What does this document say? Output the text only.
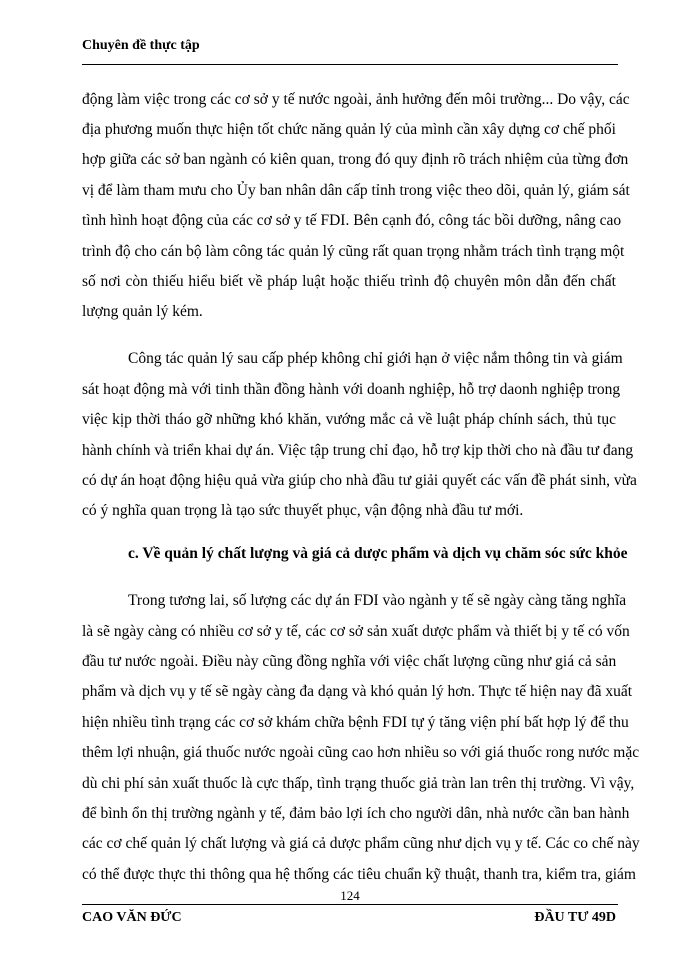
Chuyên đề thực tập
động làm việc trong các cơ sở y tế nước ngoài, ảnh hưởng đến môi trường... Do vậy, các
địa phương muốn thực hiện tốt chức năng quản lý của mình cần xây dựng cơ chế phối
hợp giữa các sở ban ngành có kiên quan, trong đó quy định rõ trách nhiệm của từng đơn
vị để làm tham mưu cho Ủy ban nhân dân cấp tỉnh trong việc theo dõi, quản lý, giám sát
tình hình hoạt động của các cơ sở y tế FDI. Bên cạnh đó, công tác bồi dưỡng, nâng cao
trình độ cho cán bộ làm công tác quản lý cũng rất quan trọng nhằm trách tình trạng một
số nơi còn thiếu hiểu biết về pháp luật hoặc thiếu trình độ chuyên môn dẫn đến chất
lượng quản lý kém.
Công tác quản lý sau cấp phép không chỉ giới hạn ở việc nắm thông tin và giám
sát hoạt động mà với tinh thần đồng hành với doanh nghiệp, hỗ trợ daonh nghiệp trong
việc kịp thời tháo gỡ những khó khăn, vướng mắc cả về luật pháp chính sách, thủ tục
hành chính và triển khai dự án. Việc tập trung chỉ đạo, hỗ trợ kịp thời cho nà đầu tư đang
có dự án hoạt động hiệu quả vừa giúp cho nhà đầu tư giải quyết các vấn đề phát sinh, vừa
có ý nghĩa quan trọng là tạo sức thuyết phục, vận động nhà đầu tư mới.
c. Về quản lý chất lượng và giá cả dược phẩm và dịch vụ chăm sóc sức khỏe
Trong tương lai, số lượng các dự án FDI vào ngành y tế sẽ ngày càng tăng nghĩa
là sẽ ngày càng có nhiều cơ sở y tế, các cơ sở sản xuất dược phẩm và thiết bị y tế có vốn
đầu tư nước ngoài. Điều này cũng đồng nghĩa với việc chất lượng cũng như giá cả sản
phẩm và dịch vụ y tế sẽ ngày càng đa dạng và khó quản lý hơn. Thực tế hiện nay đã xuất
hiện nhiều tình trạng các cơ sở khám chữa bệnh FDI tự ý tăng viện phí bất hợp lý để thu
thêm lợi nhuận, giá thuốc nước ngoài cũng cao hơn nhiều so với giá thuốc rong nước mặc
dù chi phí sản xuất thuốc là cực thấp, tình trạng thuốc giả tràn lan trên thị trường. Vì vậy,
để bình ổn thị trường ngành y tế, đảm bảo lợi ích cho người dân, nhà nước cần ban hành
các cơ chế quản lý chất lượng và giá cả dược phẩm cũng như dịch vụ y tế. Các co chế này
có thể được thực thi thông qua hệ thống các tiêu chuẩn kỹ thuật, thanh tra, kiểm tra, giám
124
CAO VĂN ĐỨC	ĐẦU TƯ 49D
